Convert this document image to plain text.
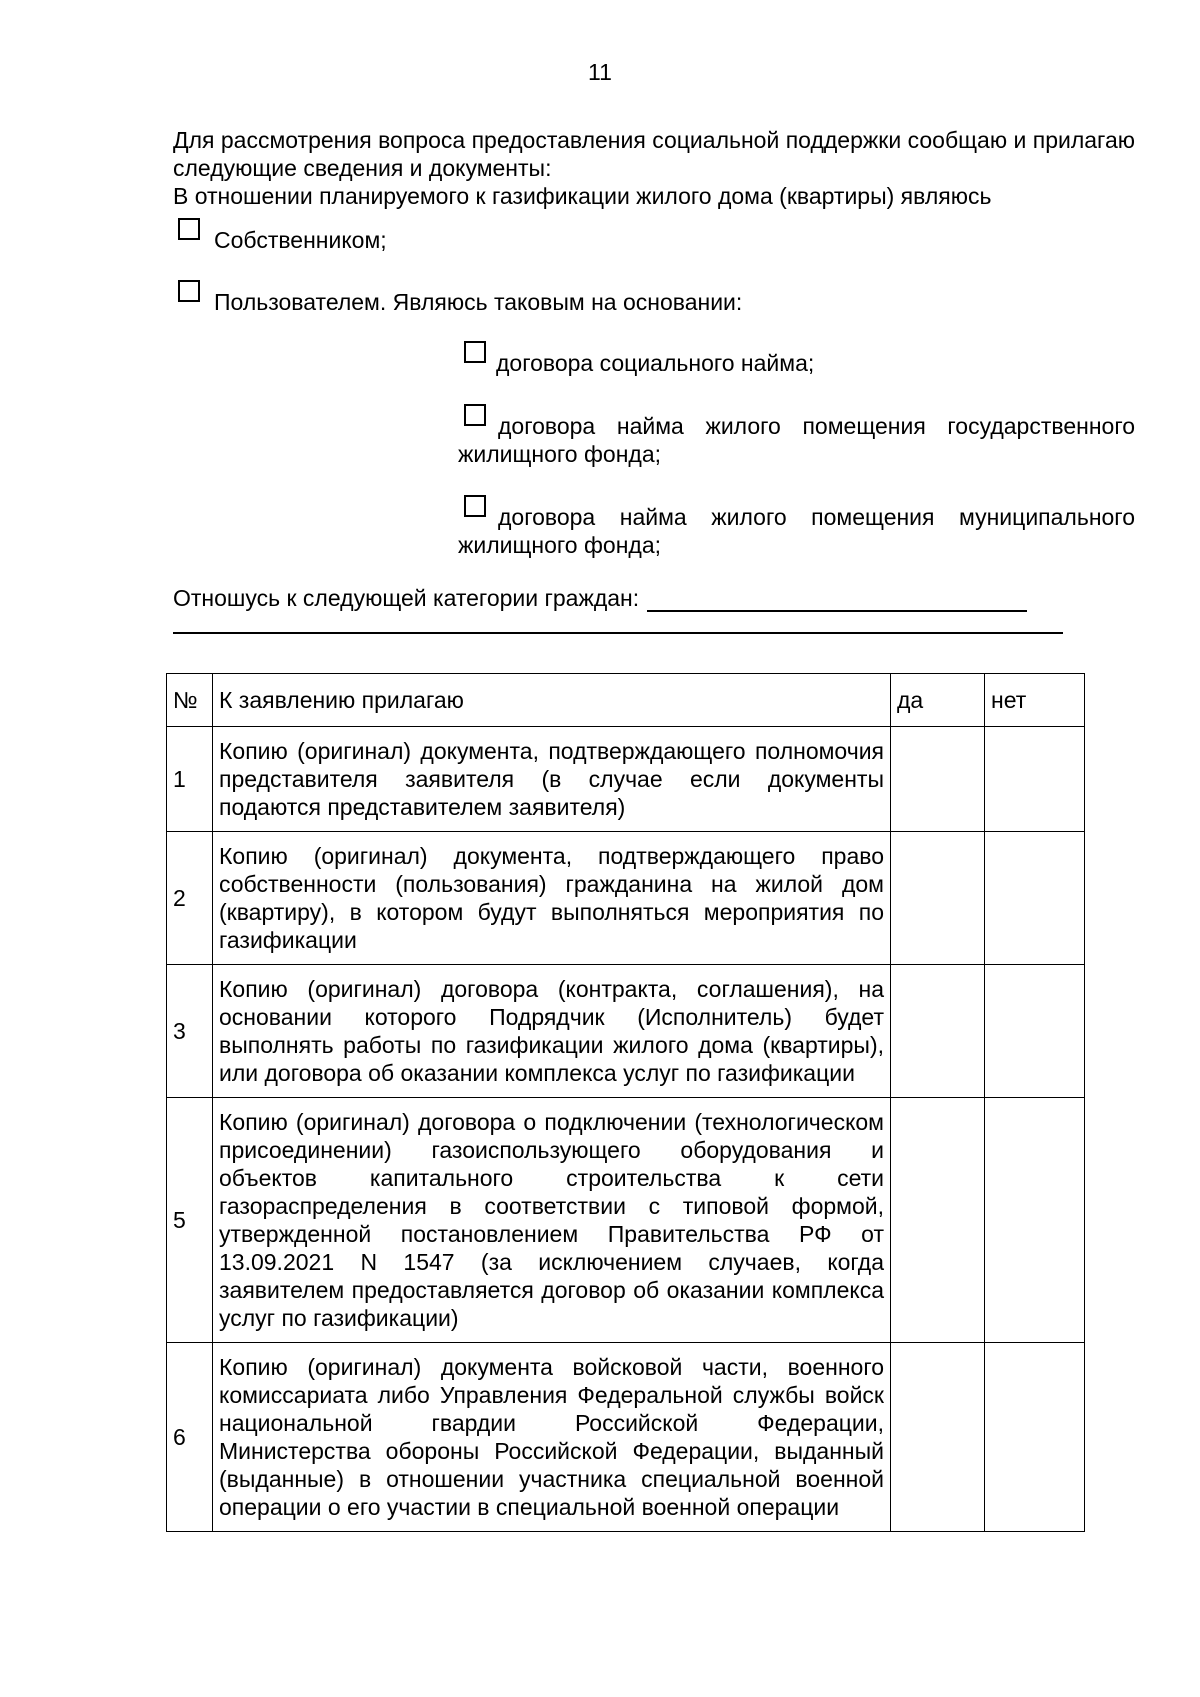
11

Для рассмотрения вопроса предоставления социальной поддержки сообщаю и прилагаю следующие сведения и документы:

В отношении планируемого к газификации жилого дома (квартиры) являюсь

Собственником;
Пользователем. Являюсь таковым на основании:
договора социального найма;
договора найма жилого помещения государственного

жилищного фонда;

договора найма жилого помещения муниципального

жилищного фонда;

Отношусь к следующей категории граждан:
№	К заявлению прилагаю	да	нет
1	Копию (оригинал) документа, подтверждающего полномочия представителя заявителя (в случае если документы подаются представителем заявителя)		
2	Копию (оригинал) документа, подтверждающего право собственности (пользования) гражданина на жилой дом (квартиру), в котором будут выполняться мероприятия по газификации		
3	Копию (оригинал) договора (контракта, соглашения), на основании которого Подрядчик (Исполнитель) будет выполнять работы по газификации жилого дома (квартиры), или договора об оказании комплекса услуг по газификации		
5	Копию (оригинал) договора о подключении (технологическом присоединении) газоиспользующего оборудования и объектов капитального строительства к сети газораспределения в соответствии с типовой формой, утвержденной постановлением Правительства РФ от 13.09.2021 N 1547 (за исключением случаев, когда заявителем предоставляется договор об оказании комплекса услуг по газификации)		
6	Копию (оригинал) документа войсковой части, военного комиссариата либо Управления Федеральной службы войск национальной гвардии Российской Федерации, Министерства обороны Российской Федерации, выданный (выданные) в отношении участника специальной военной операции о его участии в специальной военной операции		
